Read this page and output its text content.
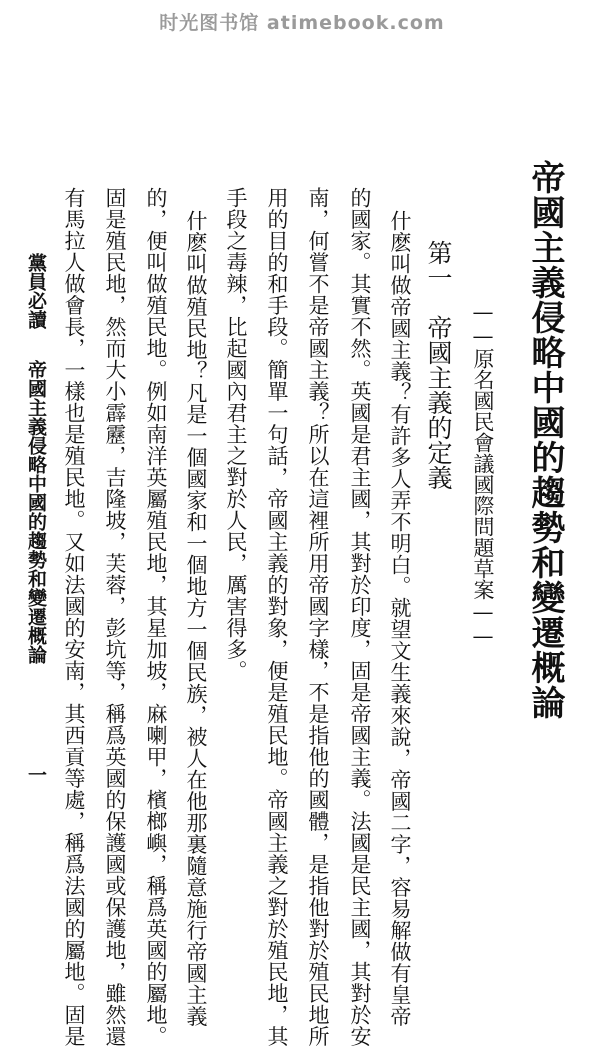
时光图书馆 atimebook.com
帝國主義侵略中國的趨勢和變遷概論
——原名國民會議國際問題草案——
第一　帝國主義的定義
什麽叫做帝國主義？有許多人弄不明白。就望文生義來說，帝國二字，容易解做有皇帝
的國家。其實不然。英國是君主國，其對於印度，固是帝國主義。法國是民主國，其對於安
南，何嘗不是帝國主義？所以在這裡所用帝國字樣，不是指他的國體，是指他對於殖民地所
用的目的和手段。簡單一句話，帝國主義的對象，便是殖民地。帝國主義之對於殖民地，其
手段之毒辣，比起國內君主之對於人民，厲害得多。
什麽叫做殖民地？凡是一個國家和一個地方一個民族，被人在他那裏隨意施行帝國主義
的，便叫做殖民地。例如南洋英屬殖民地，其星加坡，麻喇甲，檳榔嶼，稱爲英國的屬地。
固是殖民地，然而大小霹靂，吉隆坡，芙蓉，彭坑等，稱爲英國的保護國或保護地，雖然還
有馬拉人做會長，一樣也是殖民地。又如法國的安南，其西貢等處，稱爲法國的屬地。固是
黨員必讀
帝國主義侵略中國的趨勢和變遷概論
一
